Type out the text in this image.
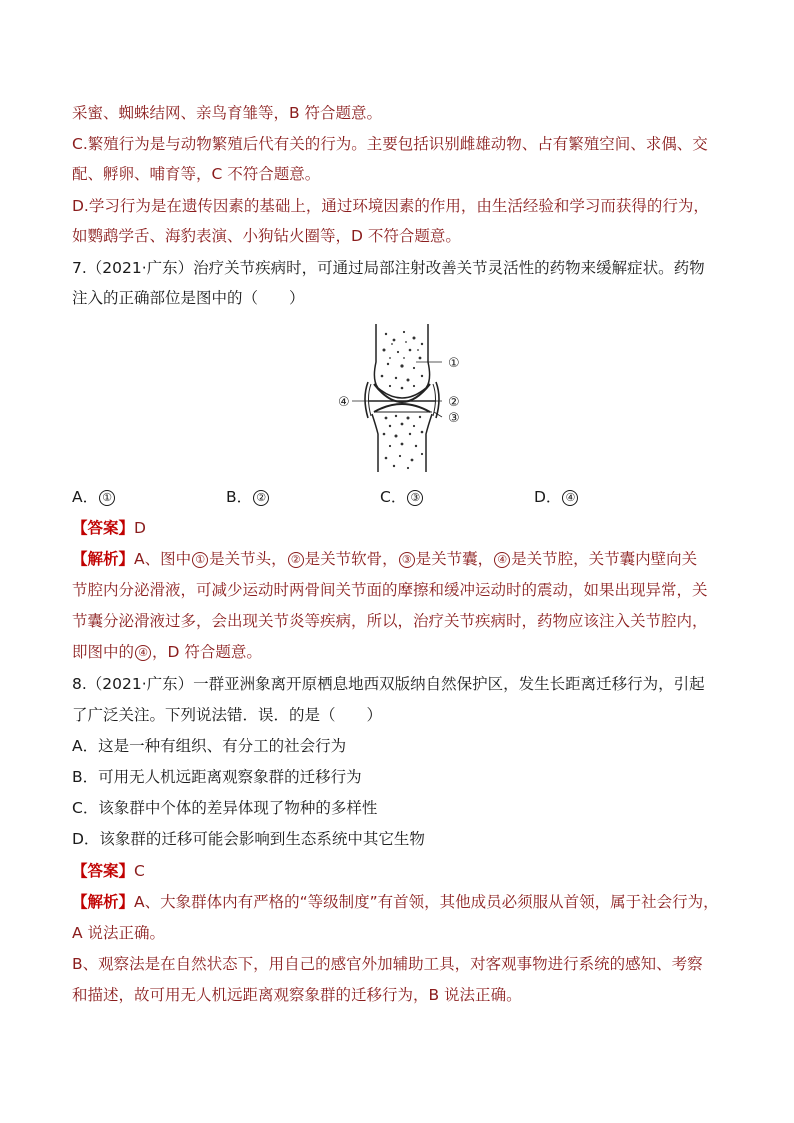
采蜜、蜘蛛结网、亲鸟育雏等，B 符合题意。
C.繁殖行为是与动物繁殖后代有关的行为。主要包括识别雌雄动物、占有繁殖空间、求偶、交
配、孵卵、哺育等，C 不符合题意。
D.学习行为是在遗传因素的基础上，通过环境因素的作用，由生活经验和学习而获得的行为，
如鹦鹉学舌、海豹表演、小狗钻火圈等，D 不符合题意。
7.（2021·广东）治疗关节疾病时，可通过局部注射改善关节灵活性的药物来缓解症状。药物
注入的正确部位是图中的（　　）
①
②
③
④
A． ①	B． ②	C． ③	D． ④
【答案】D
【解析】A、图中 ① 是关节头， ② 是关节软骨， ③ 是关节囊， ④ 是关节腔，关节囊内壁向关
节腔内分泌滑液，可减少运动时两骨间关节面的摩擦和缓冲运动时的震动，如果出现异常，关
节囊分泌滑液过多，会出现关节炎等疾病，所以，治疗关节疾病时，药物应该注入关节腔内，
即图中的 ④ ，D 符合题意。
8.（2021·广东）一群亚洲象离开原栖息地西双版纳自然保护区，发生长距离迁移行为，引起
了广泛关注。下列说法错．误．的是（　　）
A．这是一种有组织、有分工的社会行为
B．可用无人机远距离观察象群的迁移行为
C．该象群中个体的差异体现了物种的多样性
D．该象群的迁移可能会影响到生态系统中其它生物
【答案】C
【解析】A、大象群体内有严格的“等级制度”有首领，其他成员必须服从首领，属于社会行为，
A 说法正确。
B、观察法是在自然状态下，用自己的感官外加辅助工具，对客观事物进行系统的感知、考察
和描述，故可用无人机远距离观察象群的迁移行为，B 说法正确。
